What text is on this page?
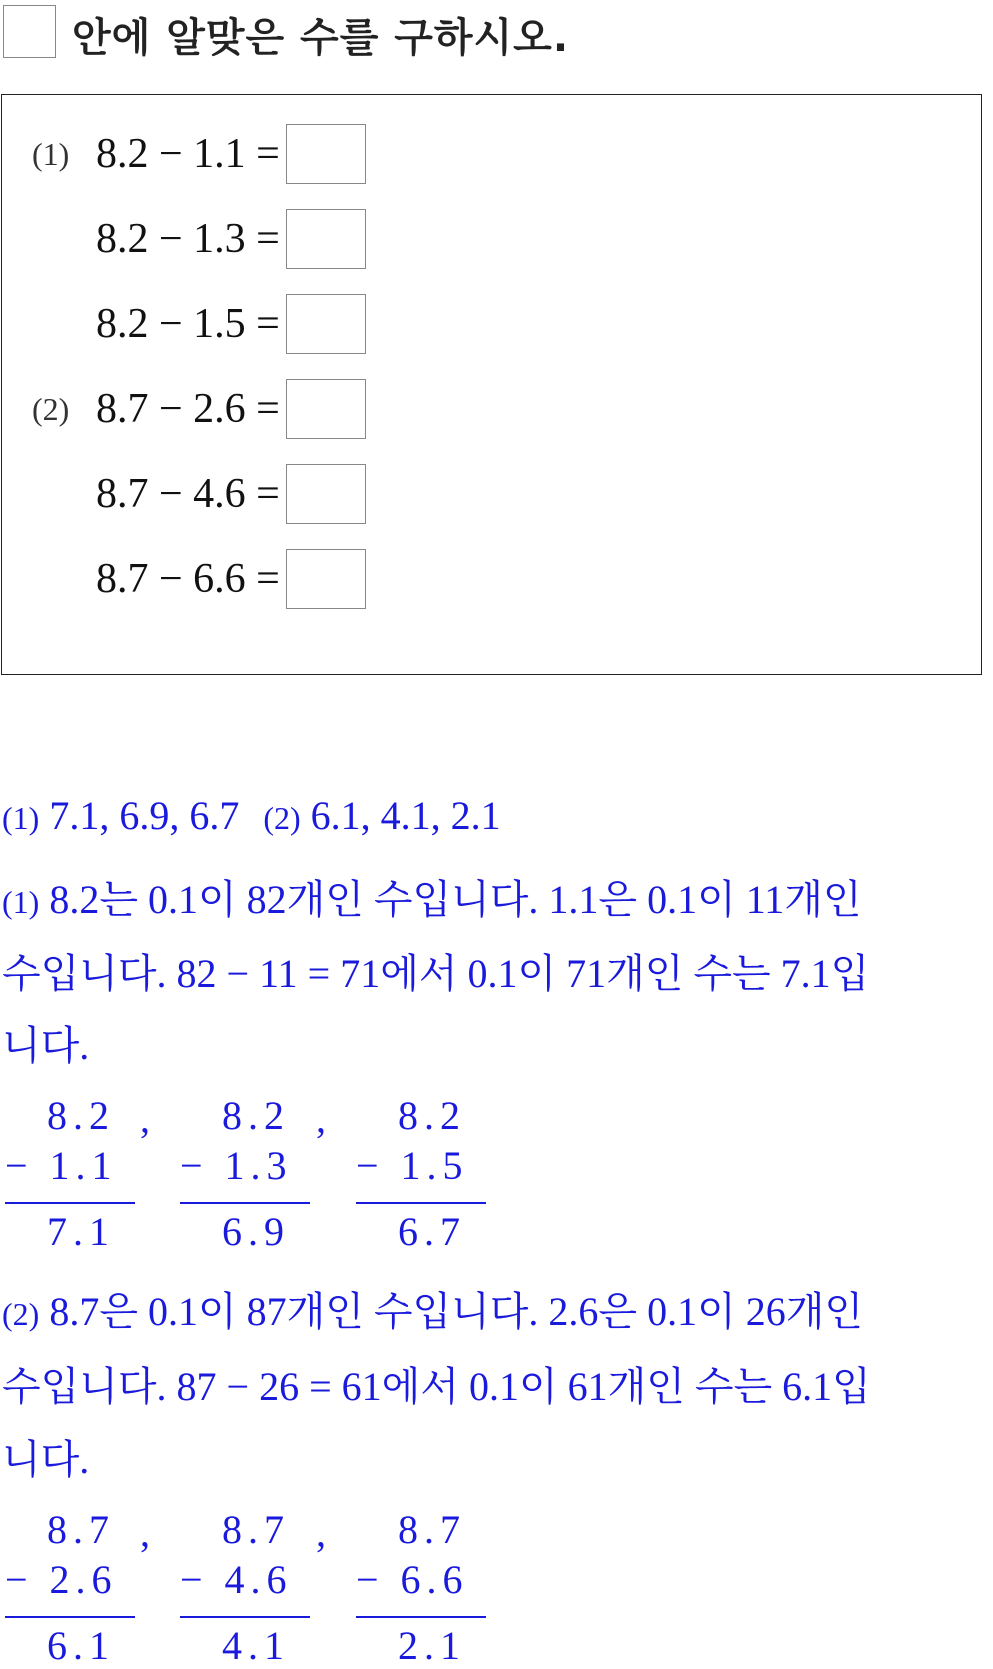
안에 알맞은 수를 구하시오.
(1) 8.2 − 1.1 =
8.2 − 1.3 =
8.2 − 1.5 =
(2) 8.7 − 2.6 =
8.7 − 4.6 =
8.7 − 6.6 =
(1) 7.1, 6.9, 6.7 (2) 6.1, 4.1, 2.1
(1) 8.2는 0.1이 82개인 수입니다. 1.1은 0.1이 11개인
수입니다. 82 − 11 = 71에서 0.1이 71개인 수는 7.1입
니다.
8.2
− 1.1
7.1
, 8.2
− 1.3
6.9
, 8.2
− 1.5
6.7
(2) 8.7은 0.1이 87개인 수입니다. 2.6은 0.1이 26개인
수입니다. 87 − 26 = 61에서 0.1이 61개인 수는 6.1입
니다.
8.7
− 2.6
6.1
, 8.7
− 4.6
4.1
, 8.7
− 6.6
2.1
